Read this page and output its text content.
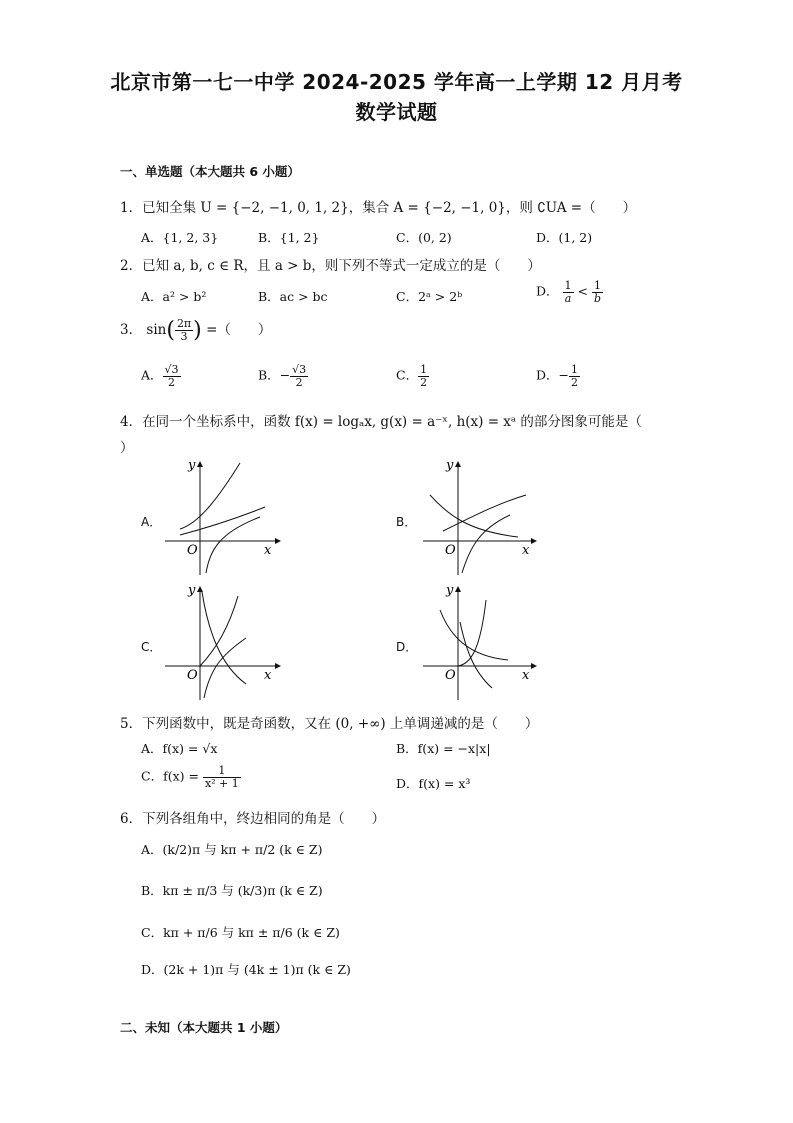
北京市第一七一中学 2024-2025 学年高一上学期 12 月月考
数学试题
一、单选题（本大题共 6 小题）
1．已知全集 U = {−2, −1, 0, 1, 2}，集合 A = {−2, −1, 0}，则 ∁UA =（　　）
A．{1, 2, 3}	B．{1, 2}	C．(0, 2)	D．(1, 2)
2．已知 a, b, c ∈ R，且 a > b，则下列不等式一定成立的是（　　）
A．a² > b²	B．ac > bc	C．2ᵃ > 2ᵇ	D． $\frac{1}{a} < \frac{1}{b}$
3． $\sin( \frac{2\pi}{3}$ ) =（　　）
A． $\frac{√3}{2}$	B．− $\frac{√3}{2}$	C． $\frac{1}{2}$	D．− $\frac{1}{2}$
4．在同一个坐标系中，函数 f(x) = logₐx, g(x) = a⁻ˣ, h(x) = xᵃ 的部分图象可能是（
）
A．	B．
C．	D．
x
y
O	x
y
O
x
y
O	x
y
O
5．下列函数中，既是奇函数，又在 (0, +∞) 上单调递减的是（　　）
A．f(x) = √x	B．f(x) = −x|x|
C．$f(x) = \frac{1}{\text{x² + 1}}$	D．f(x) = x³
6．下列各组角中，终边相同的角是（　　）
A．(k/2)π 与 kπ + π/2 (k ∈ Z)
B．kπ ± π/3 与 (k/3)π (k ∈ Z)
C．kπ + π/6 与 kπ ± π/6 (k ∈ Z)
D．(2k + 1)π 与 (4k ± 1)π (k ∈ Z)
二、未知（本大题共 1 小题）
